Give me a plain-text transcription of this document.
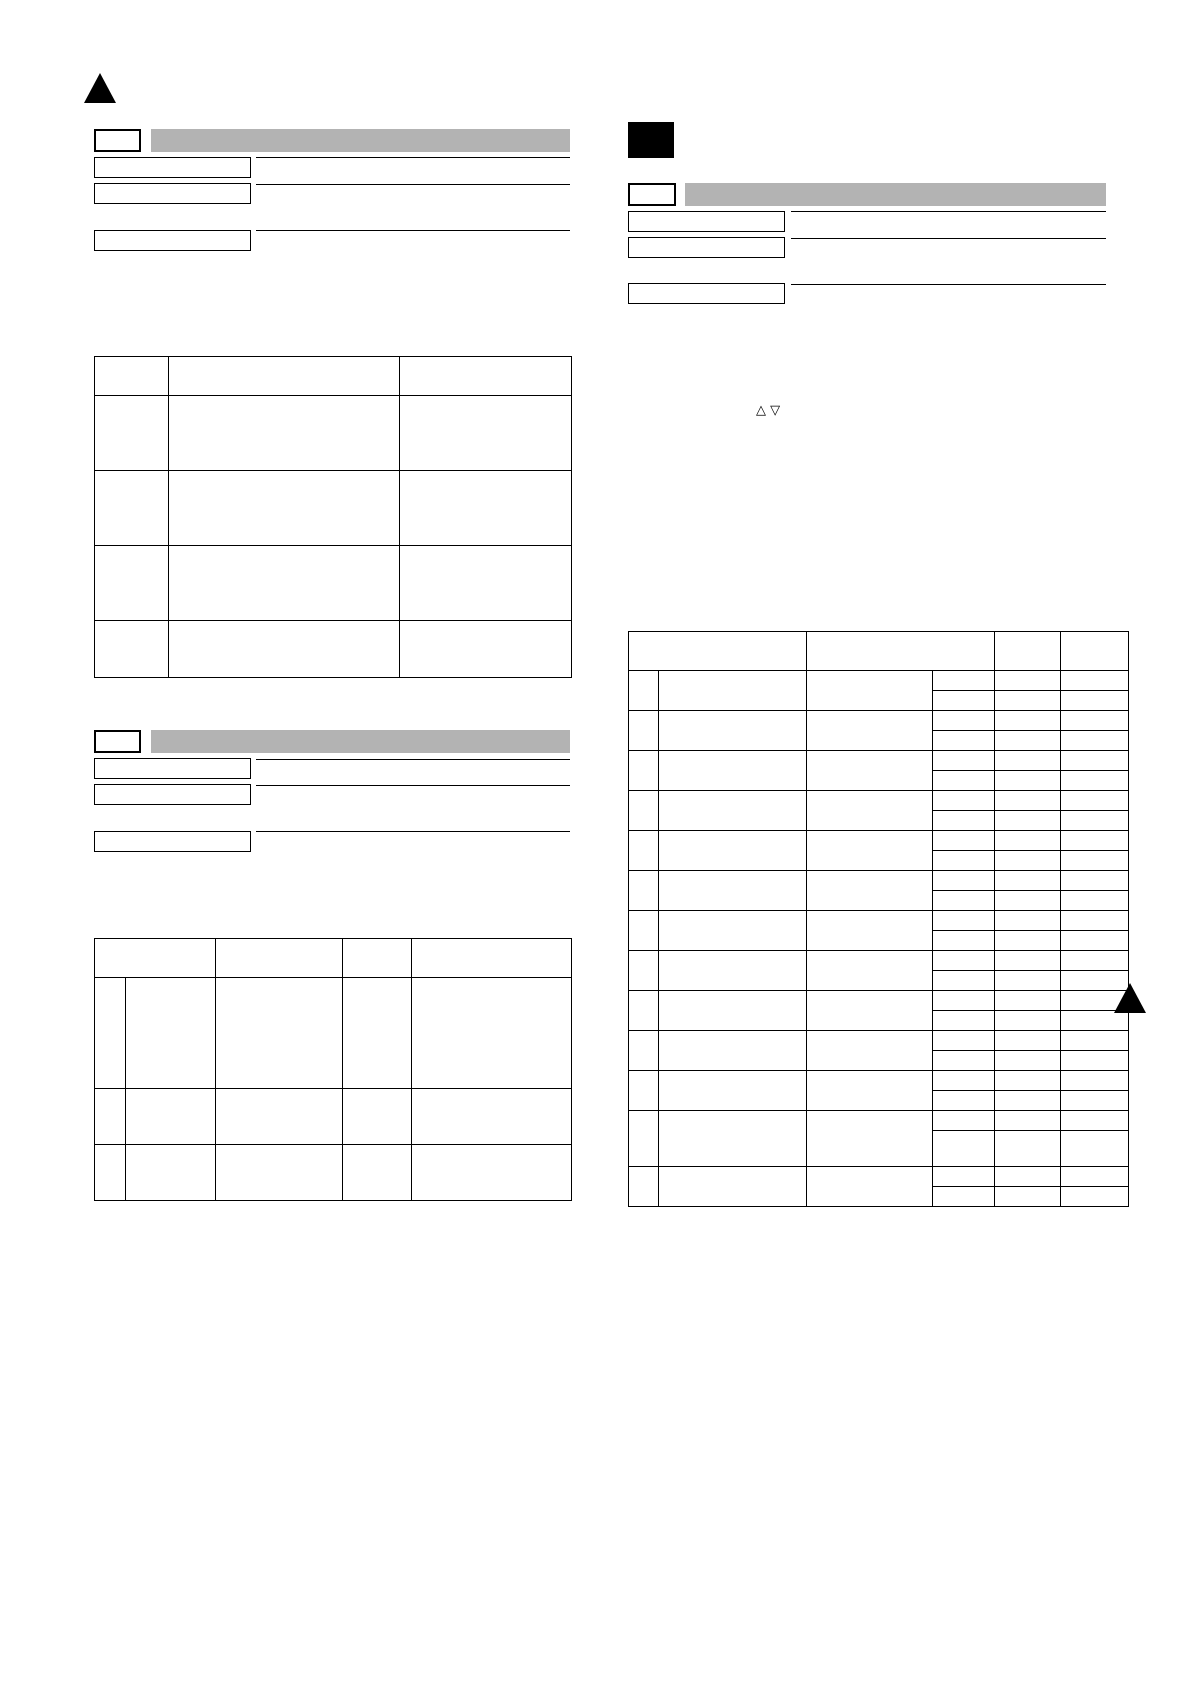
△ ▽
